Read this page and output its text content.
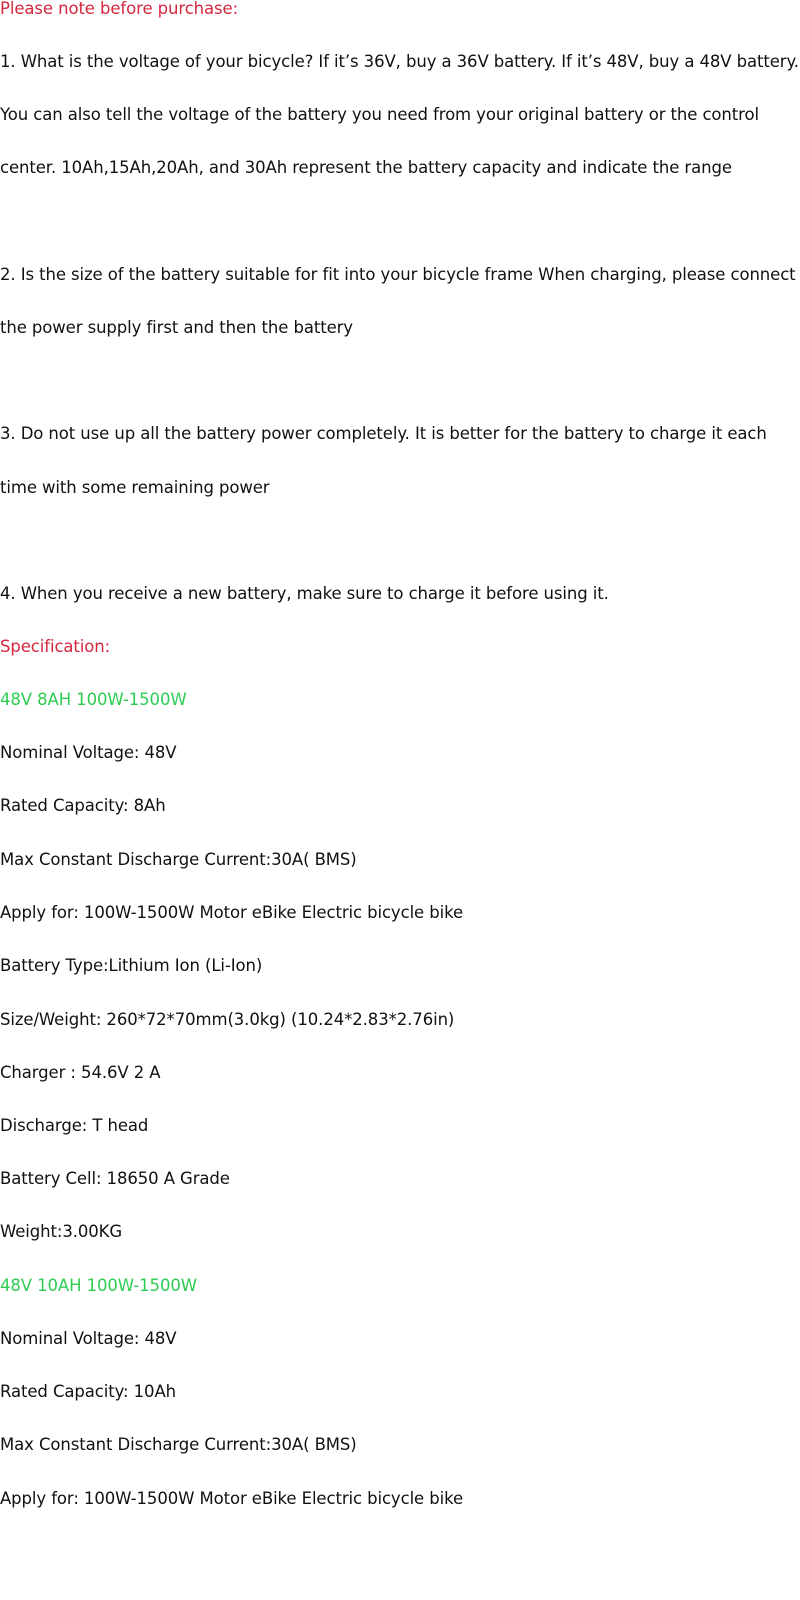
Please note before purchase:

1. What is the voltage of your bicycle? If it’s 36V, buy a 36V battery. If it’s 48V, buy a 48V battery.

You can also tell the voltage of the battery you need from your original battery or the control

center. 10Ah,15Ah,20Ah, and 30Ah represent the battery capacity and indicate the range

2. Is the size of the battery suitable for fit into your bicycle frame When charging, please connect

the power supply first and then the battery

3. Do not use up all the battery power completely. It is better for the battery to charge it each

time with some remaining power

4. When you receive a new battery, make sure to charge it before using it.

Specification:

48V 8AH 100W-1500W

Nominal Voltage: 48V

Rated Capacity: 8Ah

Max Constant Discharge Current:30A( BMS)

Apply for: 100W-1500W Motor eBike Electric bicycle bike

Battery Type:Lithium Ion (Li-Ion)

Size/Weight: 260*72*70mm(3.0kg) (10.24*2.83*2.76in)

Charger : 54.6V 2 A

Discharge: T head

Battery Cell: 18650 A Grade

Weight:3.00KG

48V 10AH 100W-1500W

Nominal Voltage: 48V

Rated Capacity: 10Ah

Max Constant Discharge Current:30A( BMS)

Apply for: 100W-1500W Motor eBike Electric bicycle bike
